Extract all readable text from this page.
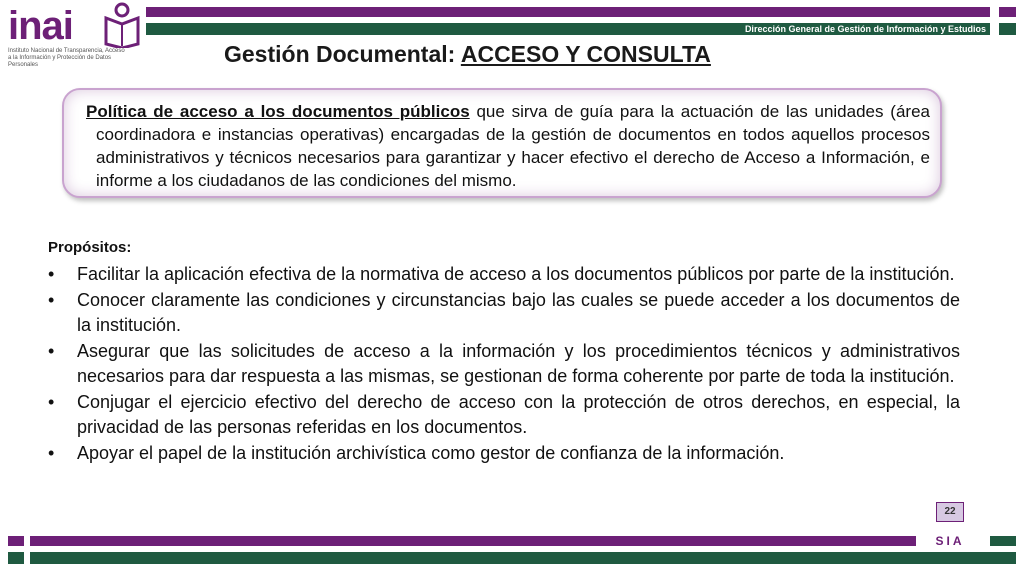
inai
Instituto Nacional de Transparencia, Acceso a la Información y Protección de Datos Personales
Dirección General de Gestión de Información y Estudios
Gestión Documental: ACCESO Y CONSULTA

Política de acceso a los documentos públicos que sirva de guía para la actuación de las unidades (área coordinadora e instancias operativas) encargadas de la gestión de documentos en todos aquellos procesos administrativos y técnicos necesarios para garantizar y hacer efectivo el derecho de Acceso a Información, e informe a los ciudadanos de las condiciones del mismo.

Propósitos:
• Facilitar la aplicación efectiva de la normativa de acceso a los documentos públicos por parte de la institución.
• Conocer claramente las condiciones y circunstancias bajo las cuales se puede acceder a los documentos de la institución.
• Asegurar que las solicitudes de acceso a la información y los procedimientos técnicos y administrativos necesarios para dar respuesta a las mismas, se gestionan de forma coherente por parte de toda la institución.
• Conjugar el ejercicio efectivo del derecho de acceso con la protección de otros derechos, en especial, la privacidad de las personas referidas en los documentos.
• Apoyar el papel de la institución archivística como gestor de confianza de la información.
22
SIA
